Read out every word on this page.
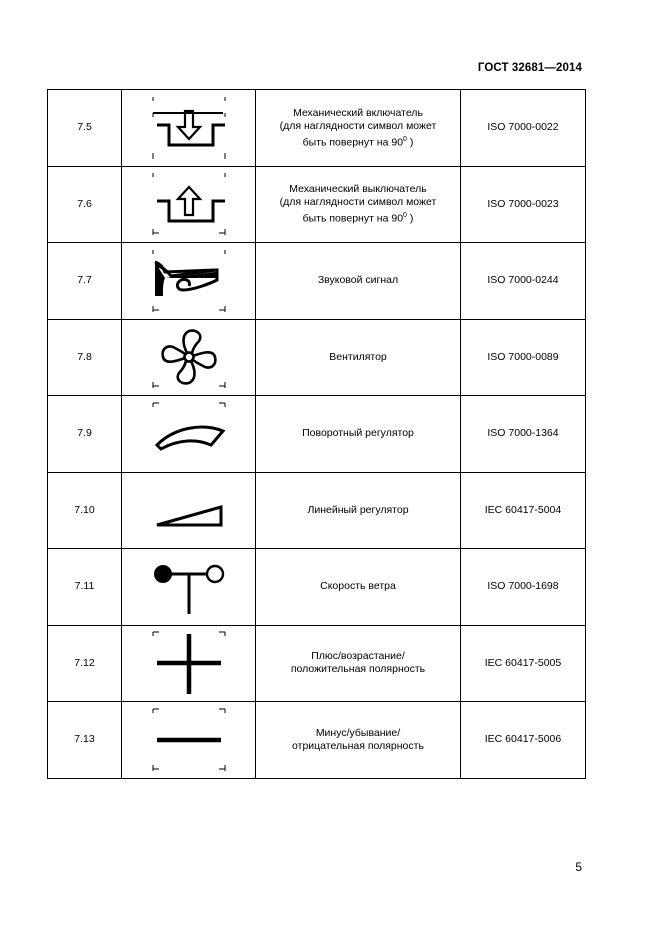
ГОСТ 32681—2014
7.5		Механический включатель
(для наглядности символ может
быть повернут на $90^0$ )	ISO 7000-0022
7.6		Механический выключатель
(для наглядности символ может
быть повернут на $90^0$ )	ISO 7000-0023
7.7		Звуковой сигнал	ISO 7000-0244
7.8		Вентилятор	ISO 7000-0089
7.9		Поворотный регулятор	ISO 7000-1364
7.10		Линейный регулятор	IEC 60417-5004
7.11		Скорость ветра	ISO 7000-1698
7.12		Плюс/возрастание/
положительная полярность	IEC 60417-5005
7.13		Минус/убывание/
отрицательная полярность	IEC 60417-5006
5
